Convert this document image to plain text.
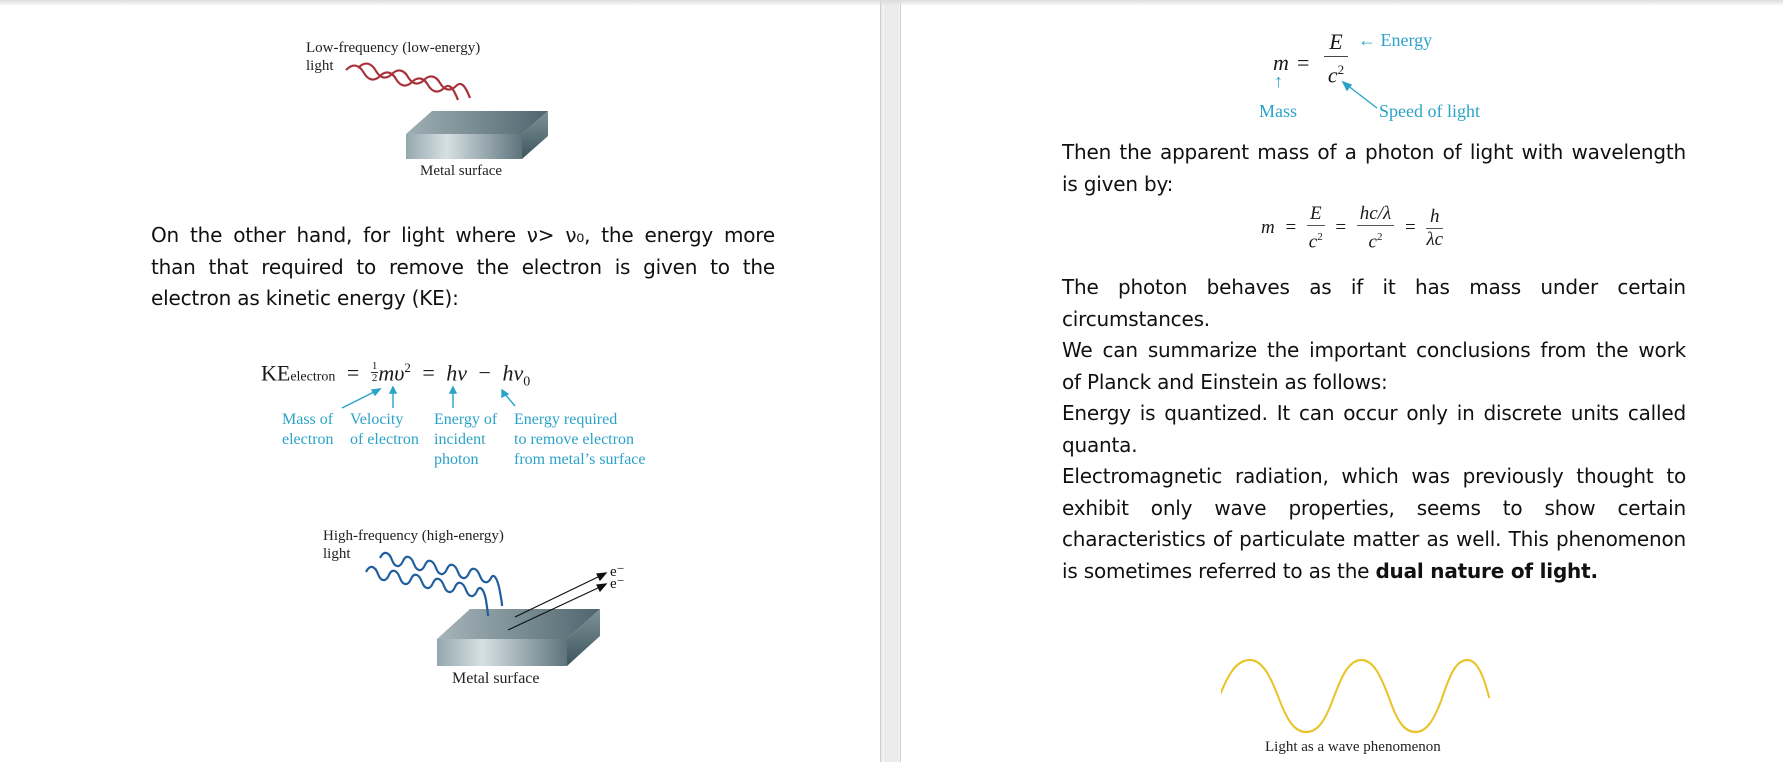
Low-frequency (low-energy)
light
Metal surface
On the other hand, for light where ν> ν₀, the energy more
than that required to remove the electron is given to the
electron as kinetic energy (KE):
KEelectron = $\frac{1}{2} m\upsilon^2 = h\nu - h\nu_0$
Mass of
electron
Velocity
of electron
Energy of
incident
photon
Energy required
to remove electron
from metal’s surface
High-frequency (high-energy)
light
e⁻
e⁻
Metal surface
$m = \frac{E}{c^2}$ ← Energy
↑
Mass	Speed of light
Then the apparent mass of a photon of light with wavelength
is given by:
$m = \frac{E}{c^2} = \frac{hc/\lambda}{c^2} = \frac{h}{\lambda c}$
The photon behaves as if it has mass under certain
circumstances.
We can summarize the important conclusions from the work
of Planck and Einstein as follows:
Energy is quantized. It can occur only in discrete units called
quanta.
Electromagnetic radiation, which was previously thought to
exhibit only wave properties, seems to show certain
characteristics of particulate matter as well. This phenomenon
is sometimes referred to as the dual nature of light.
Light as a wave phenomenon
